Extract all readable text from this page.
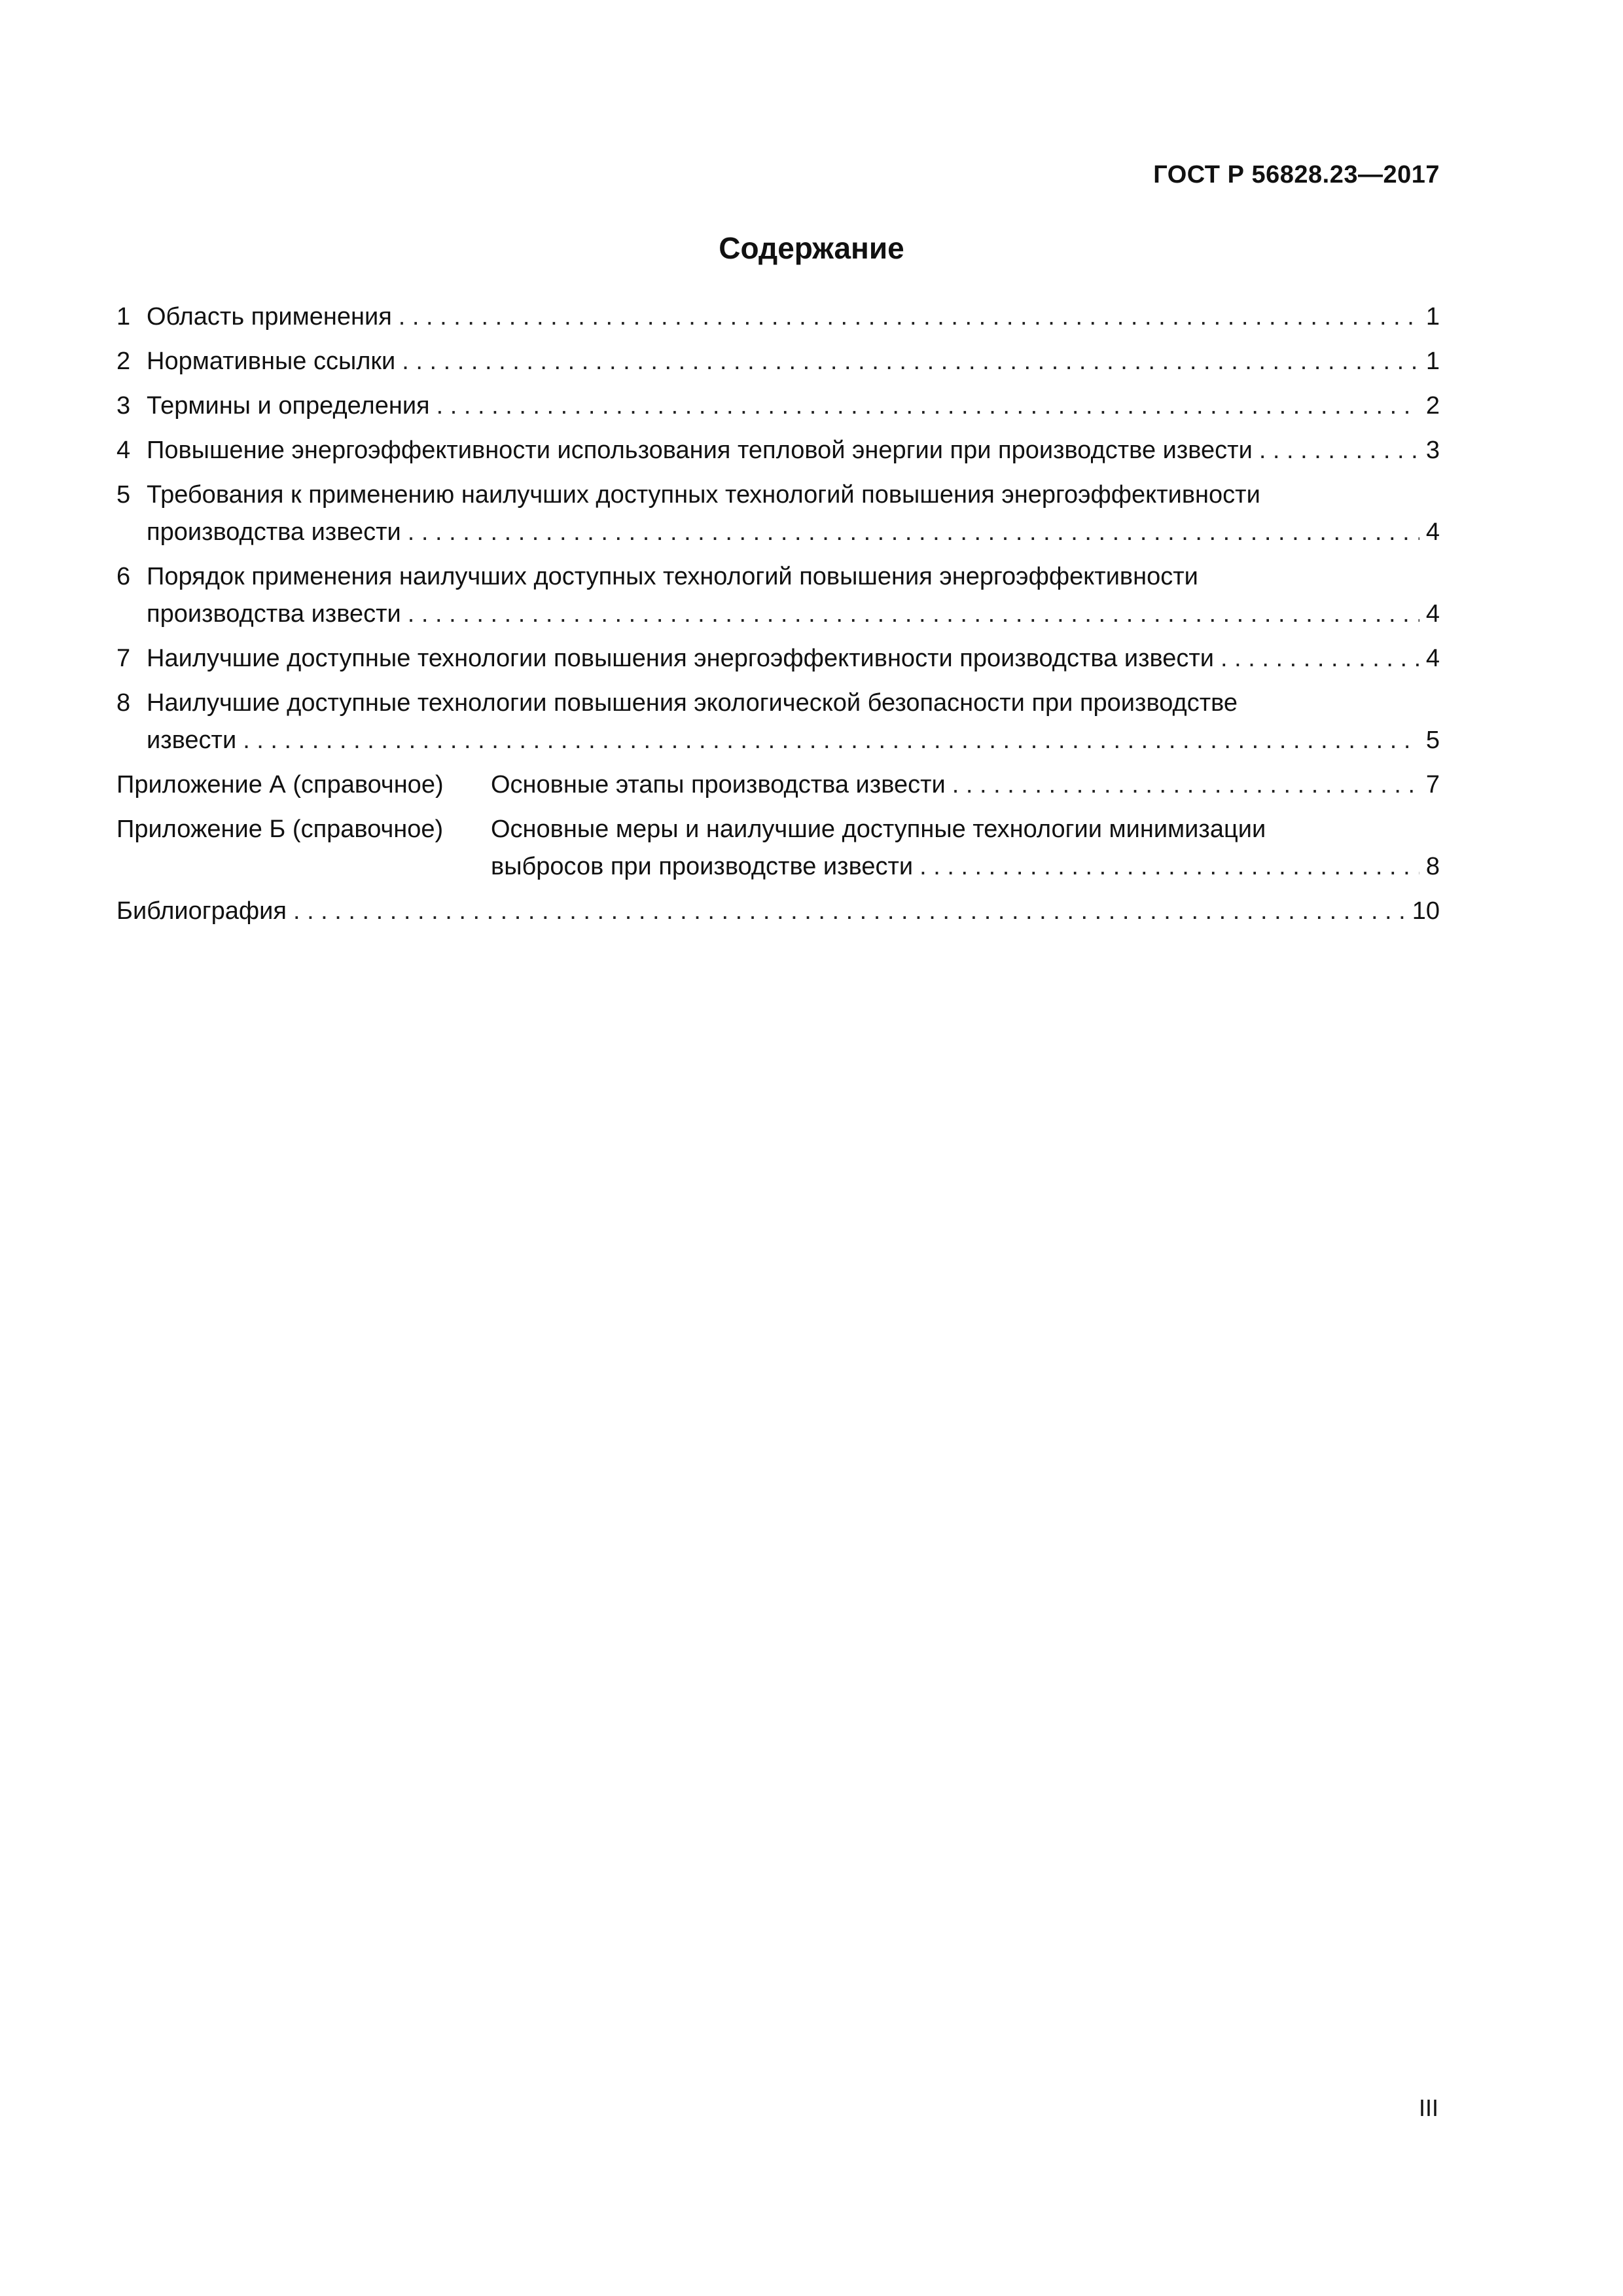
ГОСТ Р 56828.23—2017
Содержание
1 Область применения . . .	1
2 Нормативные ссылки . . .	1
3 Термины и определения . . .	2
4 Повышение энергоэффективности использования тепловой энергии при производстве извести . . .	3
5 Требования к применению наилучших доступных технологий повышения энергоэффективности
производства извести . . .	4
6 Порядок применения наилучших доступных технологий повышения энергоэффективности
производства извести . . .	4
7 Наилучшие доступные технологии повышения энергоэффективности производства извести . . .	4
8 Наилучшие доступные технологии повышения экологической безопасности при производстве
извести . . .	5
Приложение А (справочное)	Основные этапы производства извести . . .	7
Приложение Б (справочное)	Основные меры и наилучшие доступные технологии минимизации
выбросов при производстве извести . . .	8
Библиография . . .	10
III
